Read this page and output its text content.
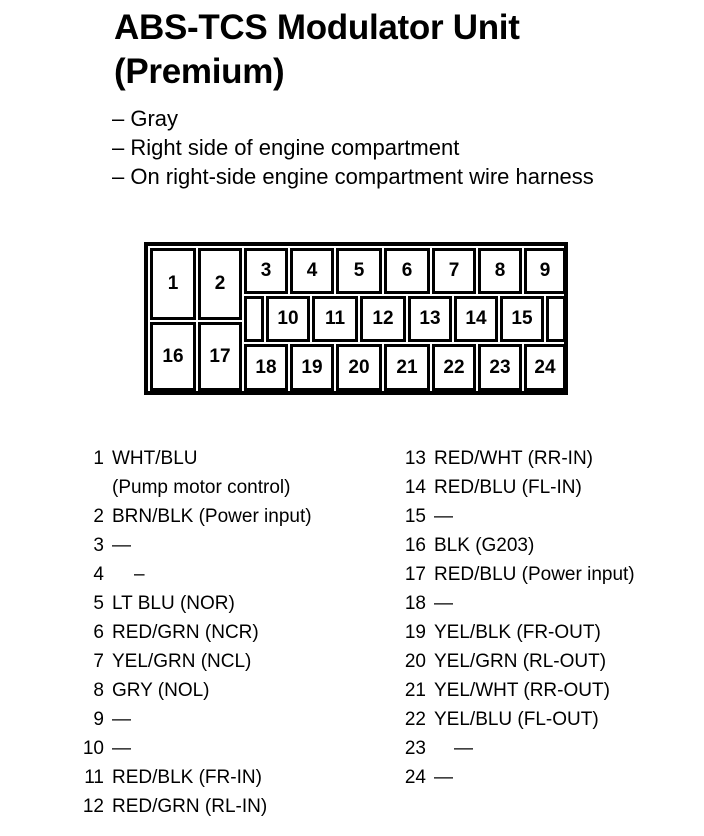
ABS-TCS Modulator Unit
(Premium)
– Gray
– Right side of engine compartment
– On right-side engine compartment wire harness
1	2
16	17
3	4	5	6	7	8	9
10	11	12	13	14	15
18	19	20	21	22	23	24
1 WHT/BLU
(Pump motor control)
2 BRN/BLK (Power input)
3 —
4 –
5 LT BLU (NOR)
6 RED/GRN (NCR)
7 YEL/GRN (NCL)
8 GRY (NOL)
9 —
10 —
11 RED/BLK (FR-IN)
12 RED/GRN (RL-IN)
13 RED/WHT (RR-IN)
14 RED/BLU (FL-IN)
15 —
16 BLK (G203)
17 RED/BLU (Power input)
18 —
19 YEL/BLK (FR-OUT)
20 YEL/GRN (RL-OUT)
21 YEL/WHT (RR-OUT)
22 YEL/BLU (FL-OUT)
23 —
24 —
